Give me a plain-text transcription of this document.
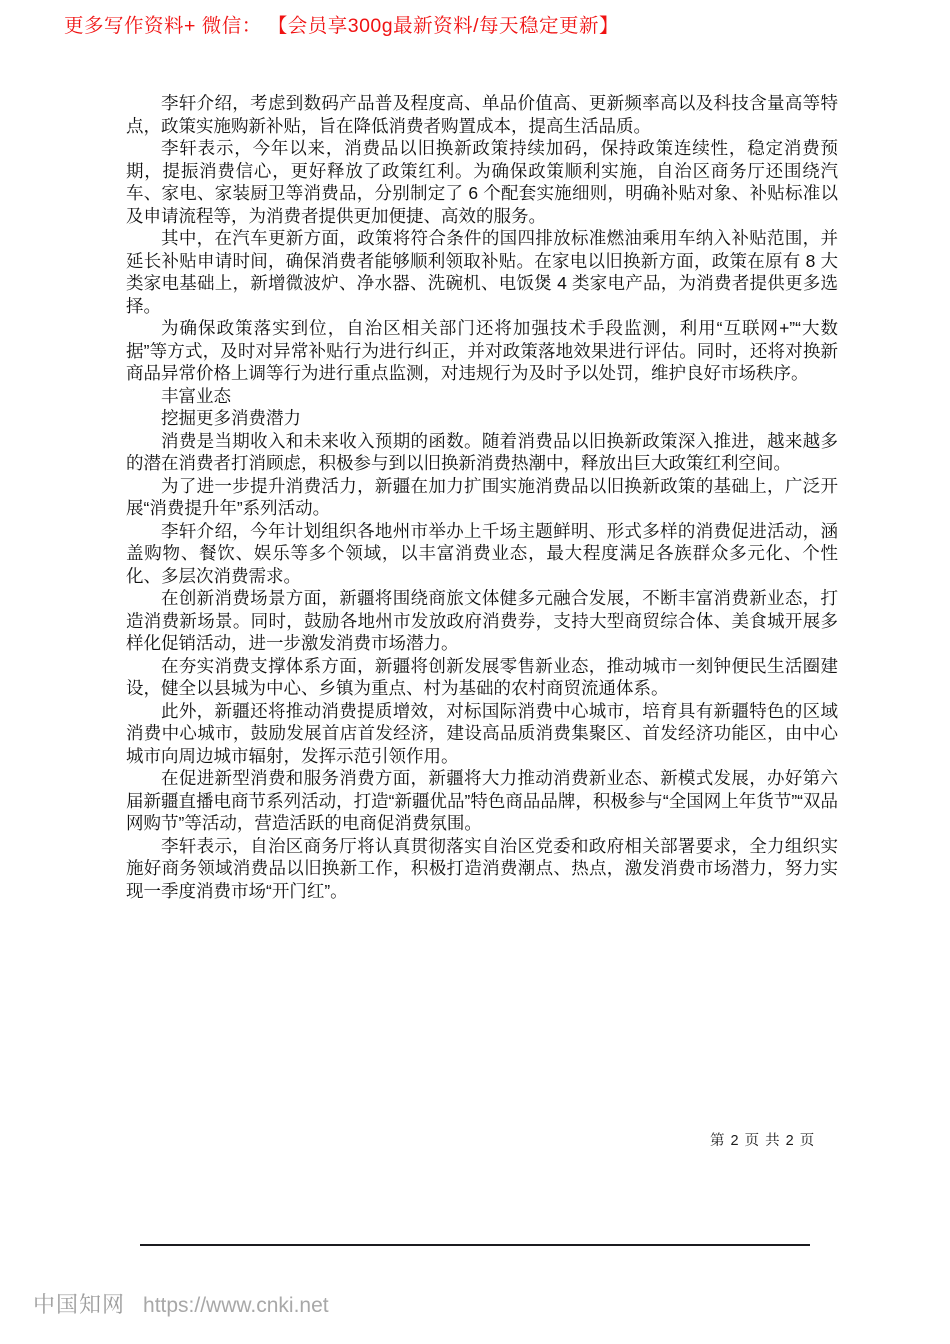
更多写作资料+ 微信： 【会员享300g最新资料/每天稳定更新】

李轩介绍，考虑到数码产品普及程度高、单品价值高、更新频率高以及科技含量高等特点，政策实施购新补贴，旨在降低消费者购置成本，提高生活品质。

李轩表示，今年以来，消费品以旧换新政策持续加码，保持政策连续性，稳定消费预期，提振消费信心，更好释放了政策红利。为确保政策顺利实施，自治区商务厅还围绕汽车、家电、家装厨卫等消费品，分别制定了 6 个配套实施细则，明确补贴对象、补贴标准以及申请流程等，为消费者提供更加便捷、高效的服务。

其中，在汽车更新方面，政策将符合条件的国四排放标准燃油乘用车纳入补贴范围，并延长补贴申请时间，确保消费者能够顺利领取补贴。在家电以旧换新方面，政策在原有 8 大类家电基础上，新增微波炉、净水器、洗碗机、电饭煲 4 类家电产品，为消费者提供更多选择。

为确保政策落实到位，自治区相关部门还将加强技术手段监测，利用“互联网+”“大数据”等方式，及时对异常补贴行为进行纠正，并对政策落地效果进行评估。同时，还将对换新商品异常价格上调等行为进行重点监测，对违规行为及时予以处罚，维护良好市场秩序。

丰富业态

挖掘更多消费潜力

消费是当期收入和未来收入预期的函数。随着消费品以旧换新政策深入推进，越来越多的潜在消费者打消顾虑，积极参与到以旧换新消费热潮中，释放出巨大政策红利空间。

为了进一步提升消费活力，新疆在加力扩围实施消费品以旧换新政策的基础上，广泛开展“消费提升年”系列活动。

李轩介绍，今年计划组织各地州市举办上千场主题鲜明、形式多样的消费促进活动，涵盖购物、餐饮、娱乐等多个领域，以丰富消费业态，最大程度满足各族群众多元化、个性化、多层次消费需求。

在创新消费场景方面，新疆将围绕商旅文体健多元融合发展，不断丰富消费新业态，打造消费新场景。同时，鼓励各地州市发放政府消费券，支持大型商贸综合体、美食城开展多样化促销活动，进一步激发消费市场潜力。

在夯实消费支撑体系方面，新疆将创新发展零售新业态，推动城市一刻钟便民生活圈建设，健全以县城为中心、乡镇为重点、村为基础的农村商贸流通体系。

此外，新疆还将推动消费提质增效，对标国际消费中心城市，培育具有新疆特色的区域消费中心城市，鼓励发展首店首发经济，建设高品质消费集聚区、首发经济功能区，由中心城市向周边城市辐射，发挥示范引领作用。

在促进新型消费和服务消费方面，新疆将大力推动消费新业态、新模式发展，办好第六届新疆直播电商节系列活动，打造“新疆优品”特色商品品牌，积极参与“全国网上年货节”“双品网购节”等活动，营造活跃的电商促消费氛围。

李轩表示，自治区商务厅将认真贯彻落实自治区党委和政府相关部署要求，全力组织实施好商务领域消费品以旧换新工作，积极打造消费潮点、热点，激发消费市场潜力，努力实现一季度消费市场“开门红”。

第 2 页 共 2 页
中国知网 https://www.cnki.net
